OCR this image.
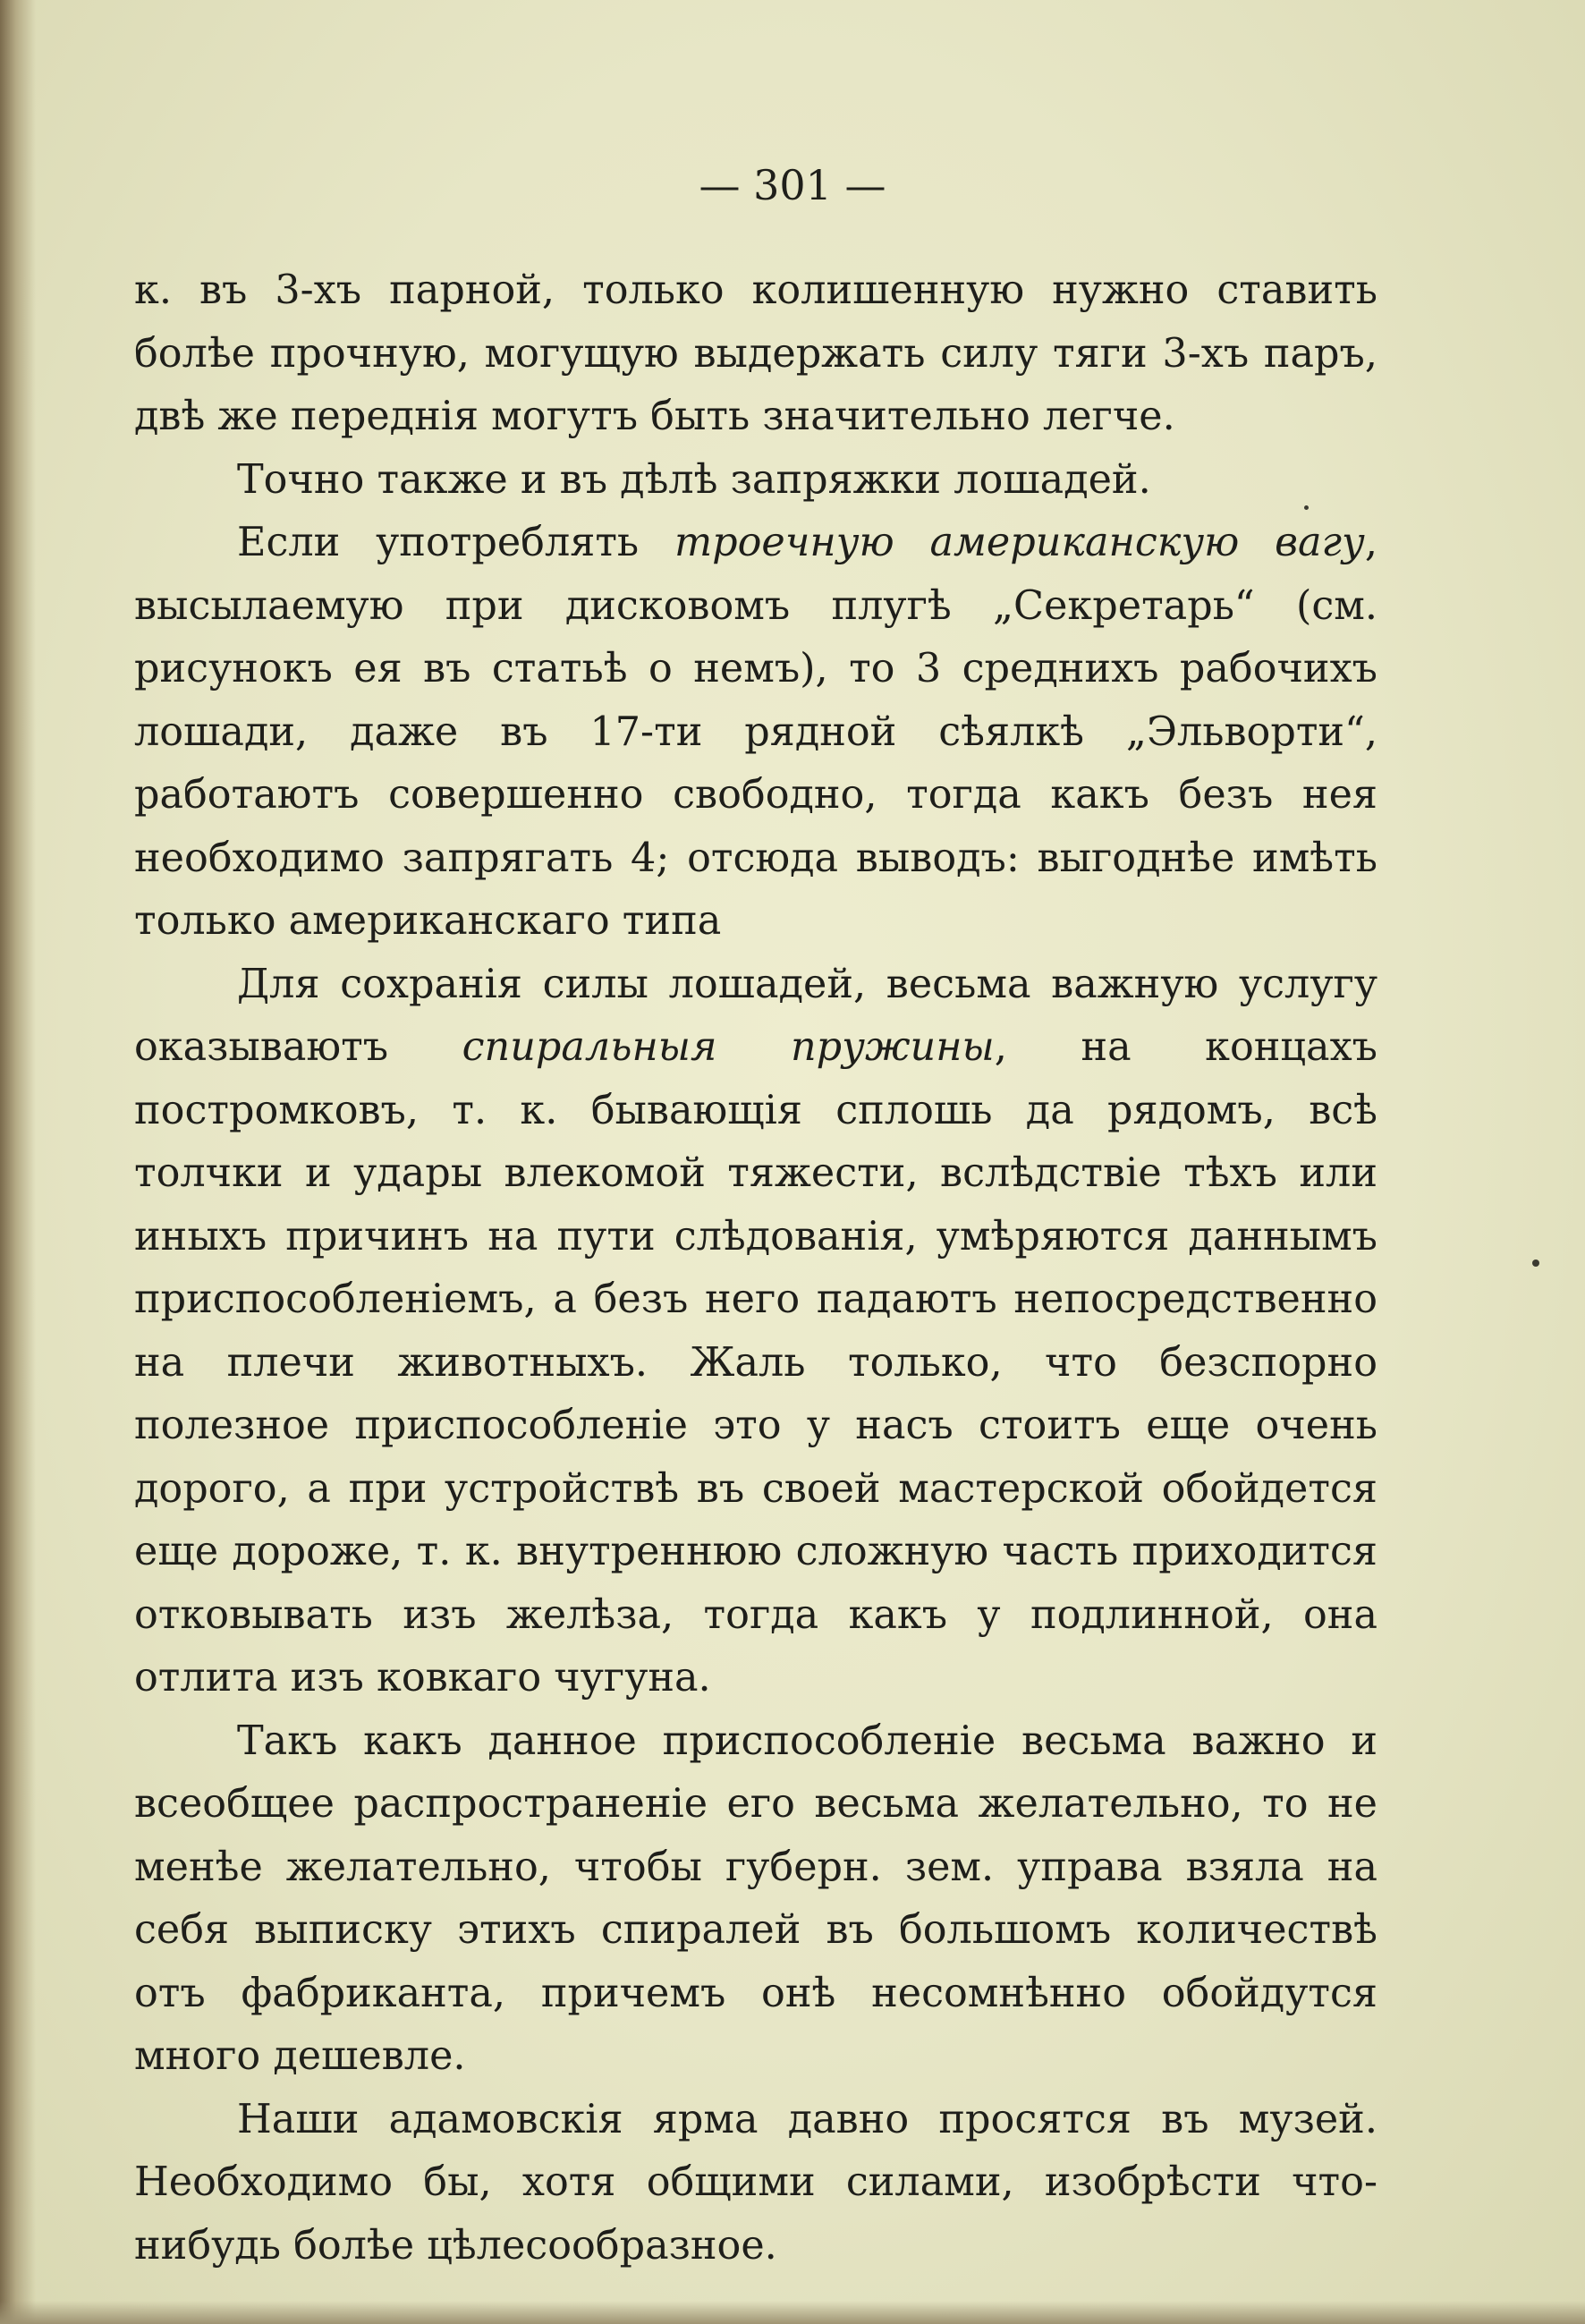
— 301 —

к. въ 3-хъ парной, только колишенную нужно ставить болѣе прочную, могущую выдержать силу тяги 3-хъ паръ, двѣ же переднія могутъ быть значительно легче.

Точно также и въ дѣлѣ запряжки лошадей.

Если употреблять троечную американскую вагу, высылаемую при дисковомъ плугѣ „Секретарь“ (см. рисунокъ ея въ статьѣ о немъ), то 3 среднихъ рабочихъ лошади, даже въ 17-ти рядной сѣялкѣ „Эльворти“, работаютъ совершенно свободно, тогда какъ безъ нея необходимо запрягать 4; отсюда выводъ: выгоднѣе имѣть только американскаго типа

Для сохранія силы лошадей, весьма важную услугу оказываютъ спиральныя пружины, на концахъ постромковъ, т. к. бывающія сплошь да рядомъ, всѣ толчки и удары влекомой тяжести, вслѣдствіе тѣхъ или иныхъ причинъ на пути слѣдованія, умѣряются даннымъ приспособленіемъ, а безъ него падаютъ непосредственно на плечи животныхъ. Жаль только, что безспорно полезное приспособленіе это у насъ стоитъ еще очень дорого, а при устройствѣ въ своей мастерской обойдется еще дороже, т. к. внутреннюю сложную часть приходится отковывать изъ желѣза, тогда какъ у подлинной, она отлита изъ ковкаго чугуна.

Такъ какъ данное приспособленіе весьма важно и всеобщее распространеніе его весьма желательно, то не менѣе желательно, чтобы губерн. зем. управа взяла на себя выписку этихъ спиралей въ большомъ количествѣ отъ фабриканта, причемъ онѣ несомнѣнно обойдутся много дешевле.

Наши адамовскія ярма давно просятся въ музей. Необходимо бы, хотя общими силами, изобрѣсти что-нибудь болѣе цѣлесообразное.
